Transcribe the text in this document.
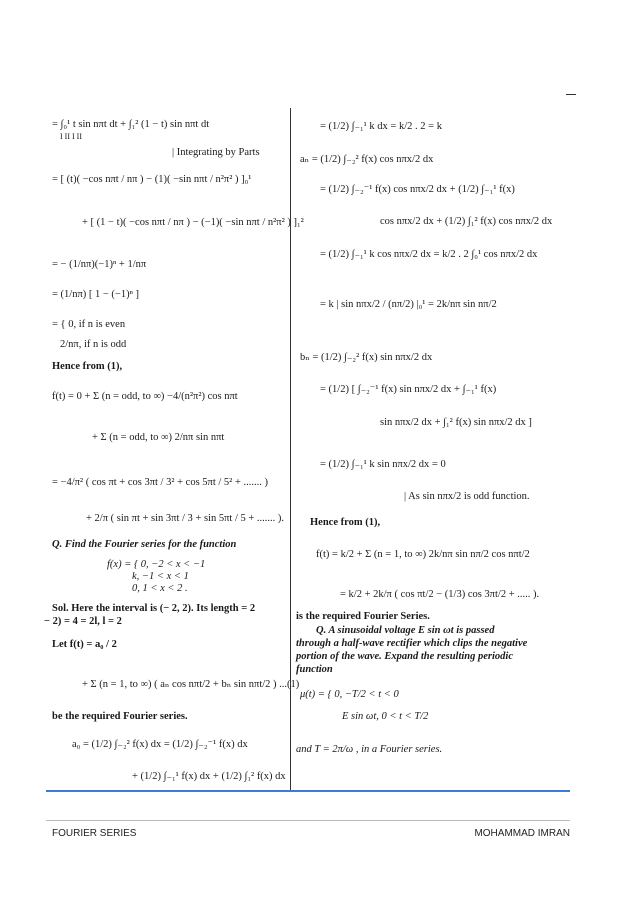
= ∫₀¹ t sin nπt dt + ∫₁² (1 − t) sin nπt dt
I II I II
| Integrating by Parts
= [ (t)( −cos nπt / nπ ) − (1)( −sin nπt / n²π² ) ]₀¹
+ [ (1 − t)( −cos nπt / nπ ) − (−1)( −sin nπt / n²π² ) ]₁²
= − (1/nπ)(−1)ⁿ + 1/nπ
= (1/nπ) [ 1 − (−1)ⁿ ]
= { 0, if n is even
2/nπ, if n is odd
Hence from (1),
f(t) = 0 + Σ (n = odd, to ∞) −4/(n²π²) cos nπt
+ Σ (n = odd, to ∞) 2/nπ sin nπt
= −4/π² ( cos πt + cos 3πt / 3² + cos 5πt / 5² + ....... )
+ 2/π ( sin πt + sin 3πt / 3 + sin 5πt / 5 + ....... ).
Q. Find the Fourier series for the function
f(x) = { 0, −2 < x < −1
k, −1 < x < 1
0, 1 < x < 2 .
Sol. Here the interval is (− 2, 2). Its length = 2
− 2) = 4 = 2l, l = 2
Let f(t) = a₀ / 2
+ Σ (n = 1, to ∞) ( aₙ cos nπt/2 + bₙ sin nπt/2 ) ...(1)
be the required Fourier series.
a₀ = (1/2) ∫₋₂² f(x) dx = (1/2) ∫₋₂⁻¹ f(x) dx
+ (1/2) ∫₋₁¹ f(x) dx + (1/2) ∫₁² f(x) dx
= (1/2) ∫₋₁¹ k dx = k/2 . 2 = k
aₙ = (1/2) ∫₋₂² f(x) cos nπx/2 dx
= (1/2) ∫₋₂⁻¹ f(x) cos nπx/2 dx + (1/2) ∫₋₁¹ f(x)
cos nπx/2 dx + (1/2) ∫₁² f(x) cos nπx/2 dx
= (1/2) ∫₋₁¹ k cos nπx/2 dx = k/2 . 2 ∫₀¹ cos nπx/2 dx
= k | sin nπx/2 / (nπ/2) |₀¹ = 2k/nπ sin nπ/2
bₙ = (1/2) ∫₋₂² f(x) sin nπx/2 dx
= (1/2) [ ∫₋₂⁻¹ f(x) sin nπx/2 dx + ∫₋₁¹ f(x)
sin nπx/2 dx + ∫₁² f(x) sin nπx/2 dx ]
= (1/2) ∫₋₁¹ k sin nπx/2 dx = 0
| As sin nπx/2 is odd function.
Hence from (1),
f(t) = k/2 + Σ (n = 1, to ∞) 2k/nπ sin nπ/2 cos nπt/2
= k/2 + 2k/π ( cos πt/2 − (1/3) cos 3πt/2 + ..... ).
is the required Fourier Series.
Q. A sinusoidal voltage E sin ωt is passed
through a half-wave rectifier which clips the negative
portion of the wave. Expand the resulting periodic
function
μ(t) = { 0, −T/2 < t < 0
E sin ωt, 0 < t < T/2
and T = 2π/ω , in a Fourier series.
FOURIER SERIES	MOHAMMAD IMRAN
